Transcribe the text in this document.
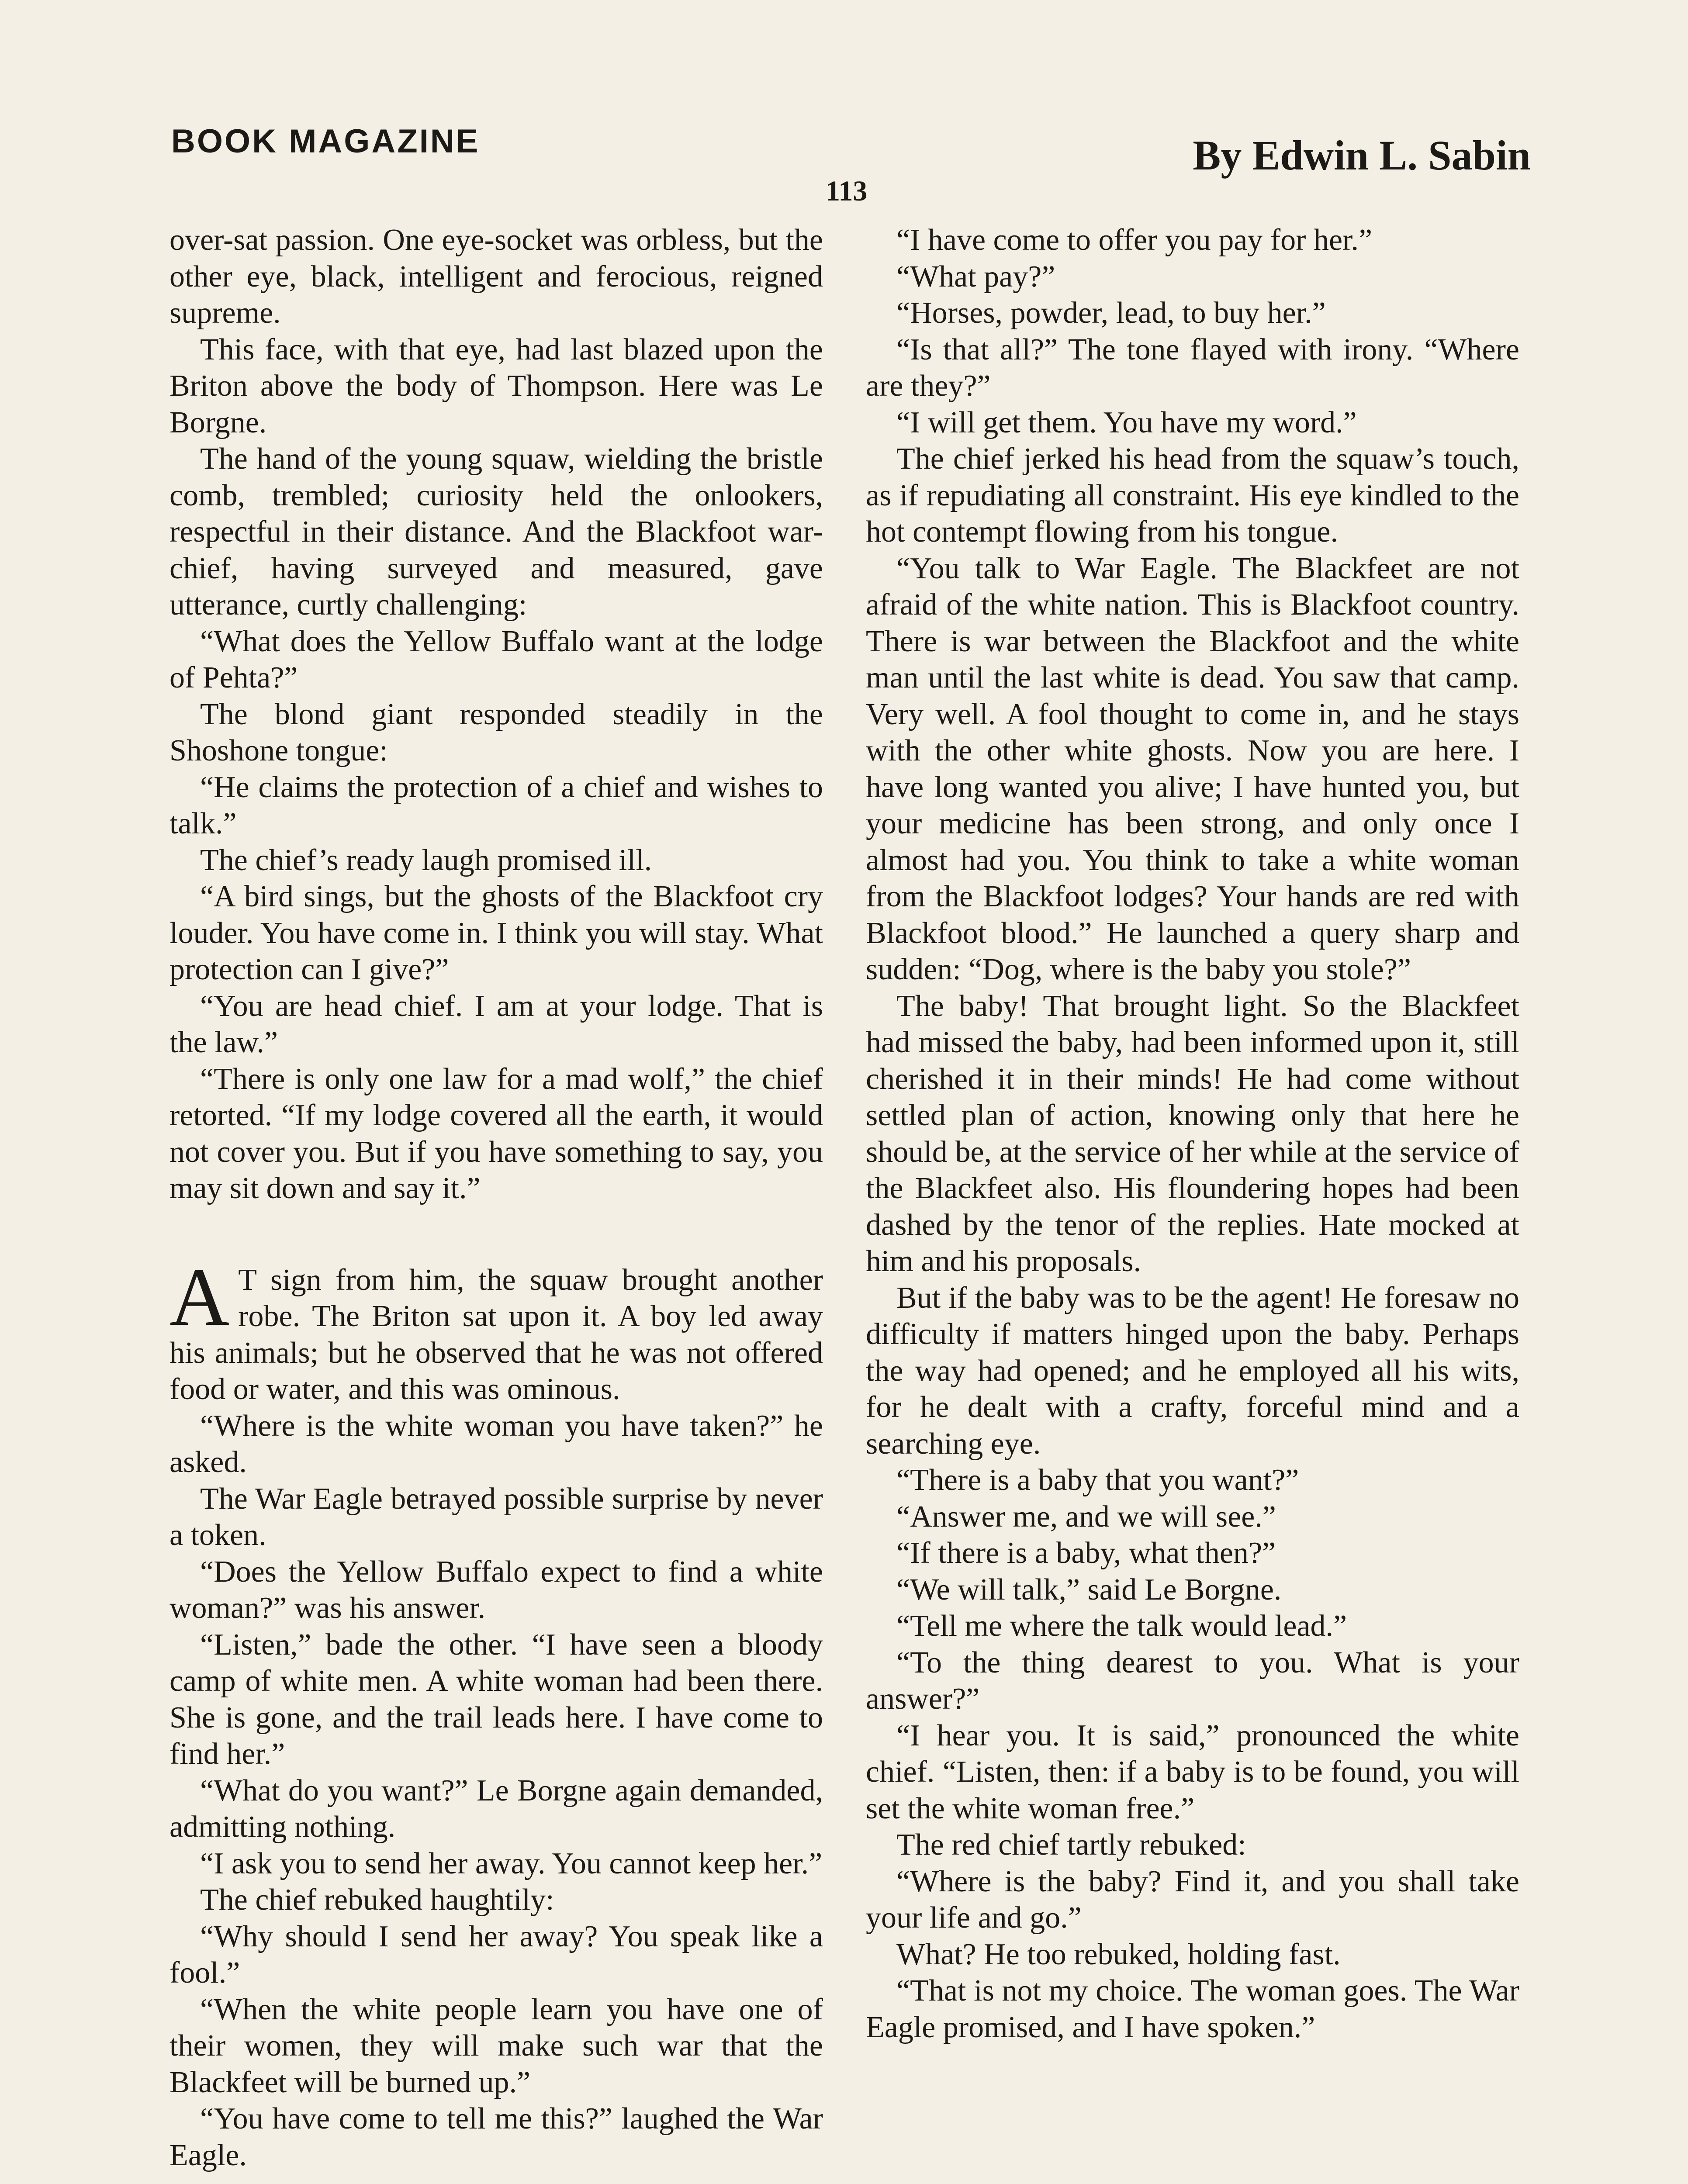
BOOK MAGAZINE	By Edwin L. Sabin
113

over-sat passion. One eye-socket was orbless, but the other eye, black, intelligent and ferocious, reigned supreme.

This face, with that eye, had last blazed upon the Briton above the body of Thompson. Here was Le Borgne.

The hand of the young squaw, wielding the bristle comb, trembled; curiosity held the onlookers, respectful in their distance. And the Blackfoot war-chief, having surveyed and measured, gave utterance, curtly challenging:

“What does the Yellow Buffalo want at the lodge of Pehta?”

The blond giant responded steadily in the Shoshone tongue:

“He claims the protection of a chief and wishes to talk.”

The chief’s ready laugh promised ill.

“A bird sings, but the ghosts of the Blackfoot cry louder. You have come in. I think you will stay. What protection can I give?”

“You are head chief. I am at your lodge. That is the law.”

“There is only one law for a mad wolf,” the chief retorted. “If my lodge covered all the earth, it would not cover you. But if you have something to say, you may sit down and say it.”

A T sign from him, the squaw brought another robe. The Briton sat upon it. A boy led away his animals; but he observed that he was not offered food or water, and this was ominous.

“Where is the white woman you have taken?” he asked.

The War Eagle betrayed possible surprise by never a token.

“Does the Yellow Buffalo expect to find a white woman?” was his answer.

“Listen,” bade the other. “I have seen a bloody camp of white men. A white woman had been there. She is gone, and the trail leads here. I have come to find her.”

“What do you want?” Le Borgne again demanded, admitting nothing.

“I ask you to send her away. You cannot keep her.”

The chief rebuked haughtily:

“Why should I send her away? You speak like a fool.”

“When the white people learn you have one of their women, they will make such war that the Blackfeet will be burned up.”

“You have come to tell me this?” laughed the War Eagle.

“I have come to offer you pay for her.”

“What pay?”

“Horses, powder, lead, to buy her.”

“Is that all?” The tone flayed with irony. “Where are they?”

“I will get them. You have my word.”

The chief jerked his head from the squaw’s touch, as if repudiating all constraint. His eye kindled to the hot contempt flowing from his tongue.

“You talk to War Eagle. The Blackfeet are not afraid of the white nation. This is Blackfoot country. There is war between the Blackfoot and the white man until the last white is dead. You saw that camp. Very well. A fool thought to come in, and he stays with the other white ghosts. Now you are here. I have long wanted you alive; I have hunted you, but your medicine has been strong, and only once I almost had you. You think to take a white woman from the Blackfoot lodges? Your hands are red with Blackfoot blood.” He launched a query sharp and sudden: “Dog, where is the baby you stole?”

The baby! That brought light. So the Blackfeet had missed the baby, had been informed upon it, still cherished it in their minds! He had come without settled plan of action, knowing only that here he should be, at the service of her while at the service of the Blackfeet also. His floundering hopes had been dashed by the tenor of the replies. Hate mocked at him and his proposals.

But if the baby was to be the agent! He foresaw no difficulty if matters hinged upon the baby. Perhaps the way had opened; and he employed all his wits, for he dealt with a crafty, forceful mind and a searching eye.

“There is a baby that you want?”

“Answer me, and we will see.”

“If there is a baby, what then?”

“We will talk,” said Le Borgne.

“Tell me where the talk would lead.”

“To the thing dearest to you. What is your answer?”

“I hear you. It is said,” pronounced the white chief. “Listen, then: if a baby is to be found, you will set the white woman free.”

The red chief tartly rebuked:

“Where is the baby? Find it, and you shall take your life and go.”

What? He too rebuked, holding fast.

“That is not my choice. The woman goes. The War Eagle promised, and I have spoken.”
